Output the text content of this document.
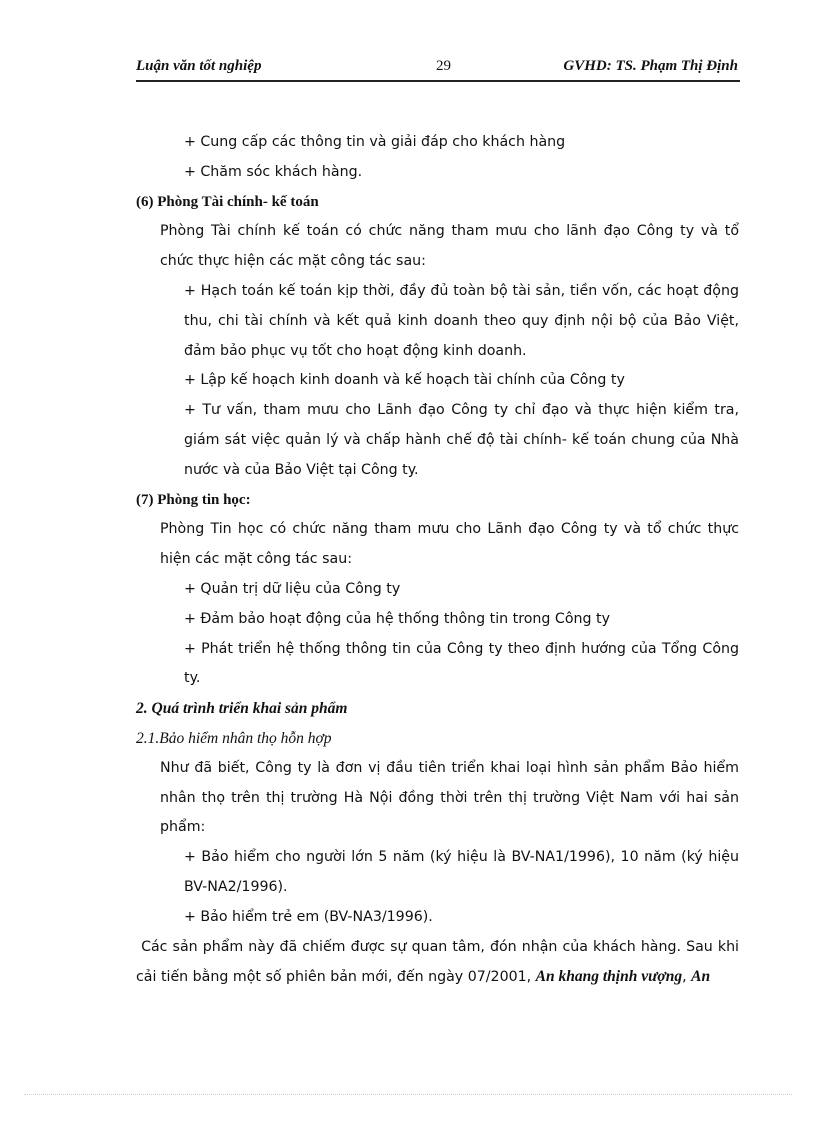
Luận văn tốt nghiệp	29	GVHD: TS. Phạm Thị Định

+ Cung cấp các thông tin và giải đáp cho khách hàng

+ Chăm sóc khách hàng.

(6) Phòng Tài chính- kế toán

Phòng Tài chính kế toán có chức năng tham mưu cho lãnh đạo Công ty và tổ chức thực hiện các mặt công tác sau:

+ Hạch toán kế toán kịp thời, đầy đủ toàn bộ tài sản, tiền vốn, các hoạt động thu, chi tài chính và kết quả kinh doanh theo quy định nội bộ của Bảo Việt, đảm bảo phục vụ tốt cho hoạt động kinh doanh.

+ Lập kế hoạch kinh doanh và kế hoạch tài chính của Công ty

+ Tư vấn, tham mưu cho Lãnh đạo Công ty chỉ đạo và thực hiện kiểm tra, giám sát việc quản lý và chấp hành chế độ tài chính- kế toán chung của Nhà nước và của Bảo Việt tại Công ty.

(7) Phòng tin học:

Phòng Tin học có chức năng tham mưu cho Lãnh đạo Công ty và tổ chức thực hiện các mặt công tác sau:

+ Quản trị dữ liệu của Công ty

+ Đảm bảo hoạt động của hệ thống thông tin trong Công ty

+ Phát triển hệ thống thông tin của Công ty theo định hướng của Tổng Công ty.

2. Quá trình triển khai sản phẩm

2.1.Bảo hiểm nhân thọ hỗn hợp

Như đã biết, Công ty là đơn vị đầu tiên triển khai loại hình sản phẩm Bảo hiểm nhân thọ trên thị trường Hà Nội đồng thời trên thị trường Việt Nam với hai sản phẩm:

+ Bảo hiểm cho người lớn 5 năm (ký hiệu là BV-NA1/1996), 10 năm (ký hiệu BV-NA2/1996).

+ Bảo hiểm trẻ em (BV-NA3/1996).

Các sản phẩm này đã chiếm được sự quan tâm, đón nhận của khách hàng. Sau khi cải tiến bằng một số phiên bản mới, đến ngày 07/2001, An khang thịnh vượng, An
